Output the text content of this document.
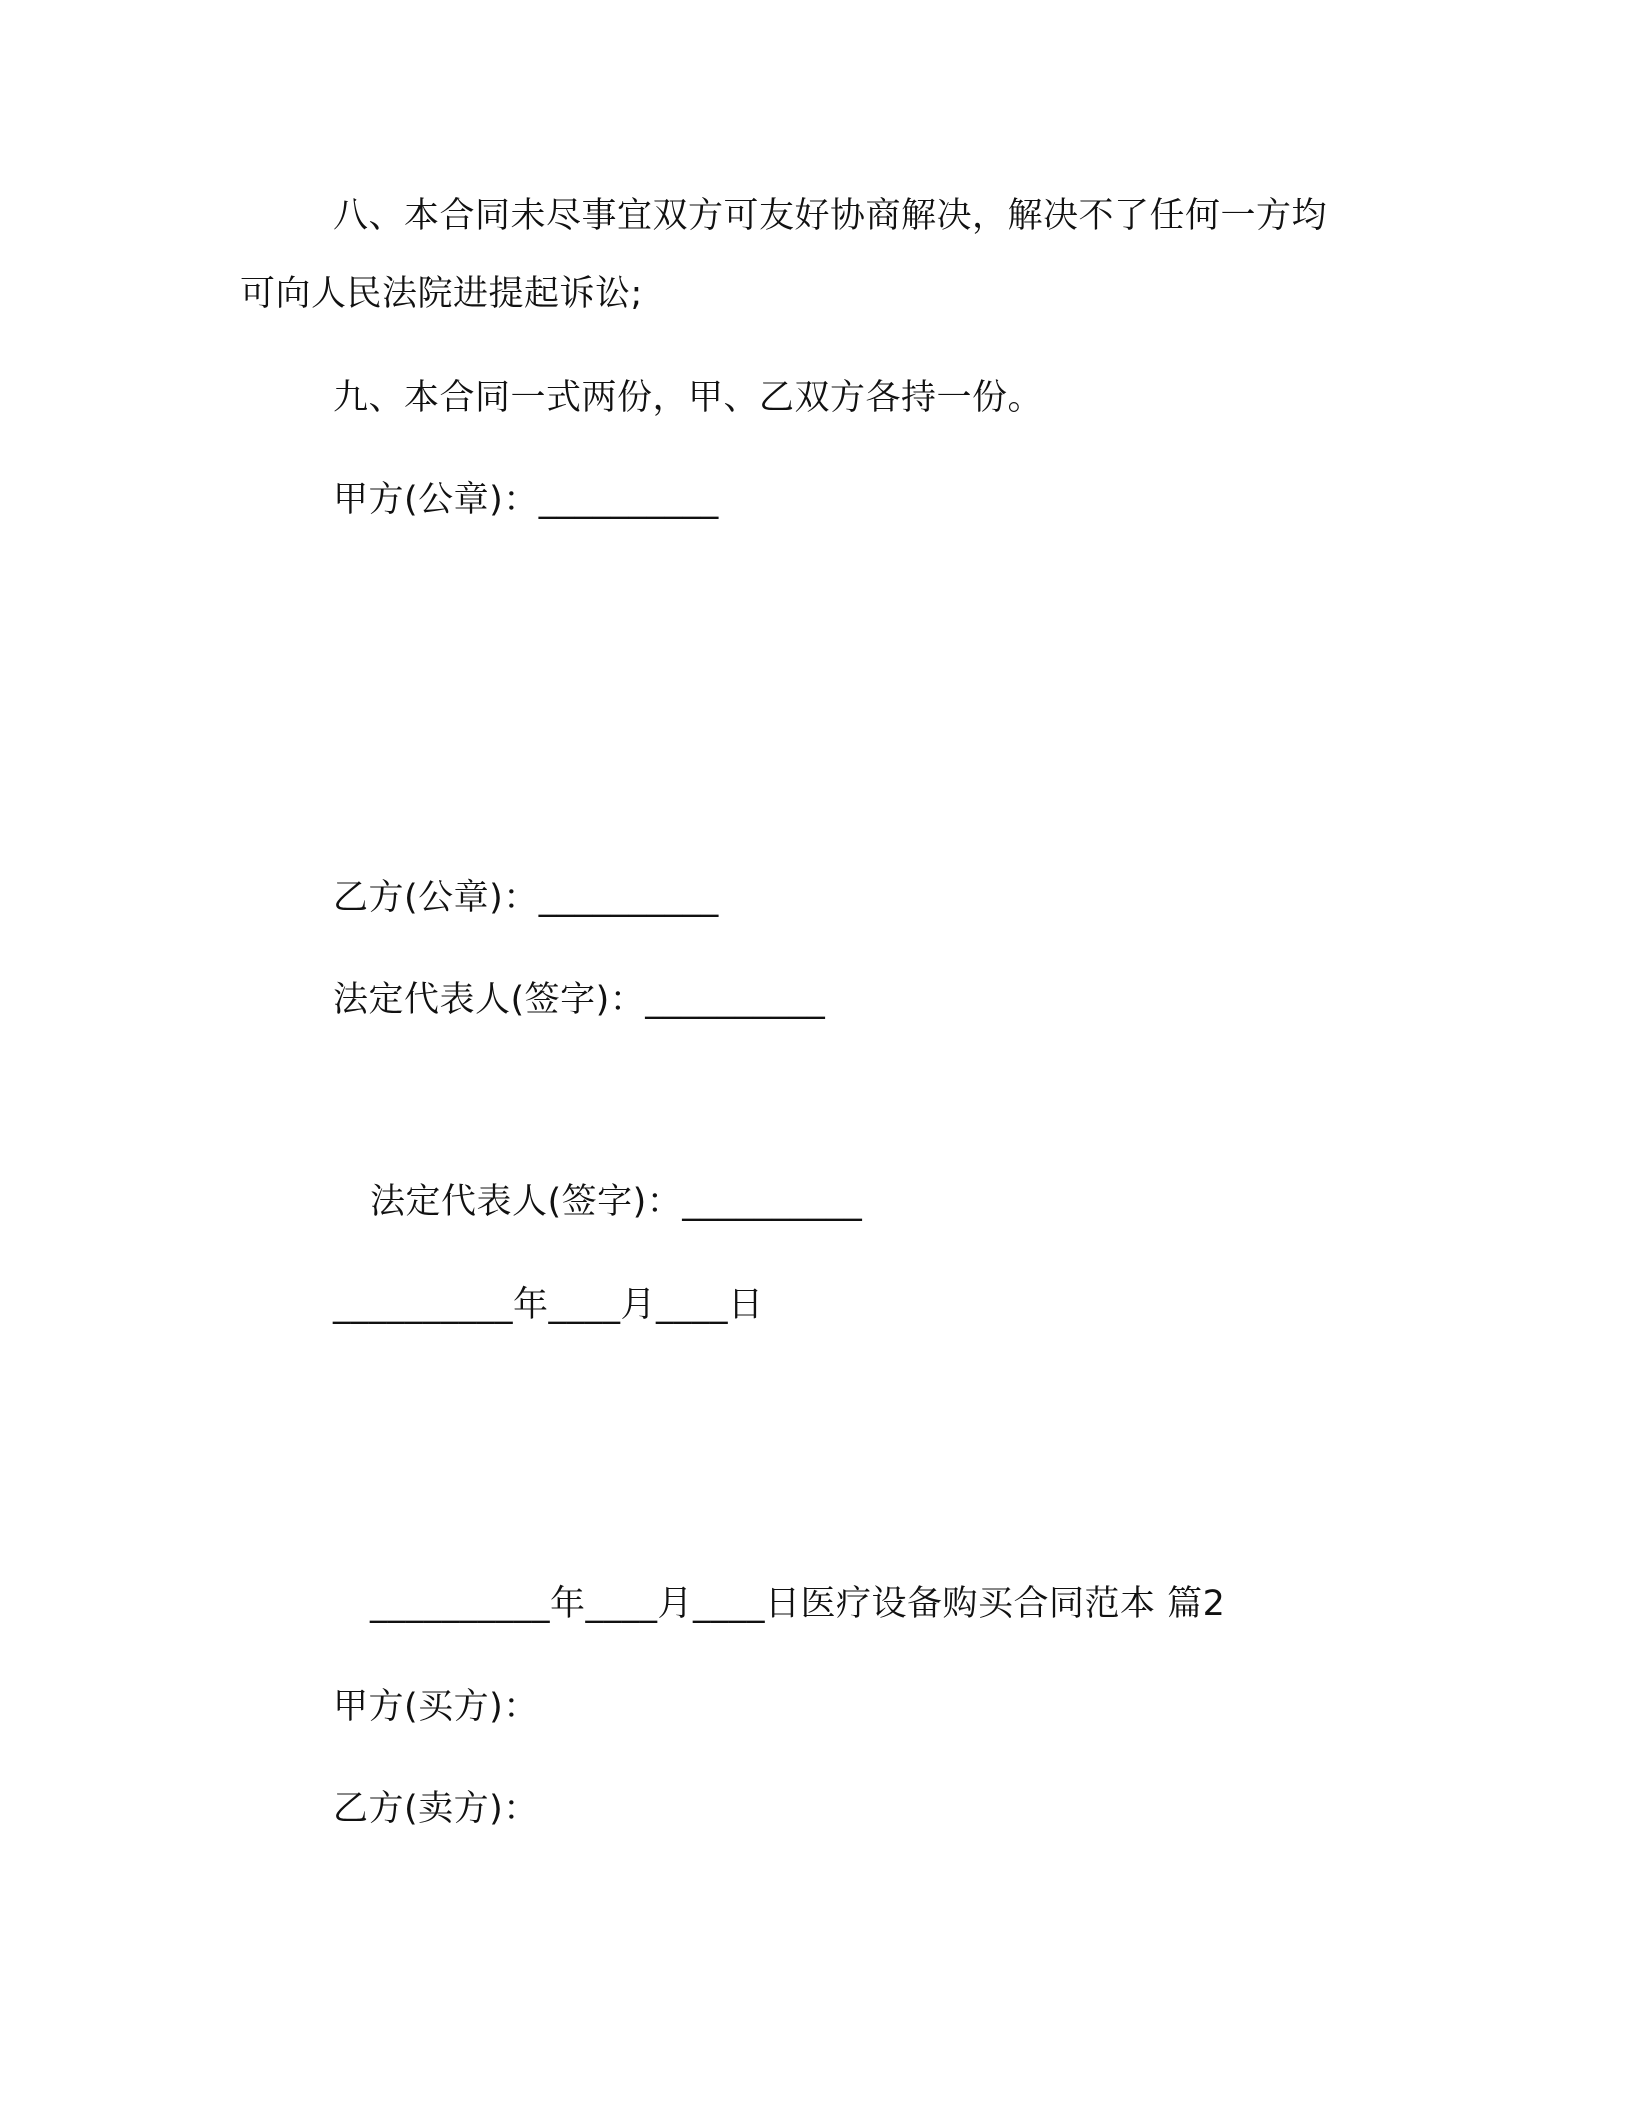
八、本合同未尽事宜双方可友好协商解决，解决不了任何一方均
可向人民法院进提起诉讼;
九、本合同一式两份，甲、乙双方各持一份。
甲方(公章)：__________
乙方(公章)：__________
法定代表人(签字)：__________
法定代表人(签字)：__________
__________年____月____日
__________年____月____日医疗设备购买合同范本 篇2
甲方(买方)：
乙方(卖方)：
